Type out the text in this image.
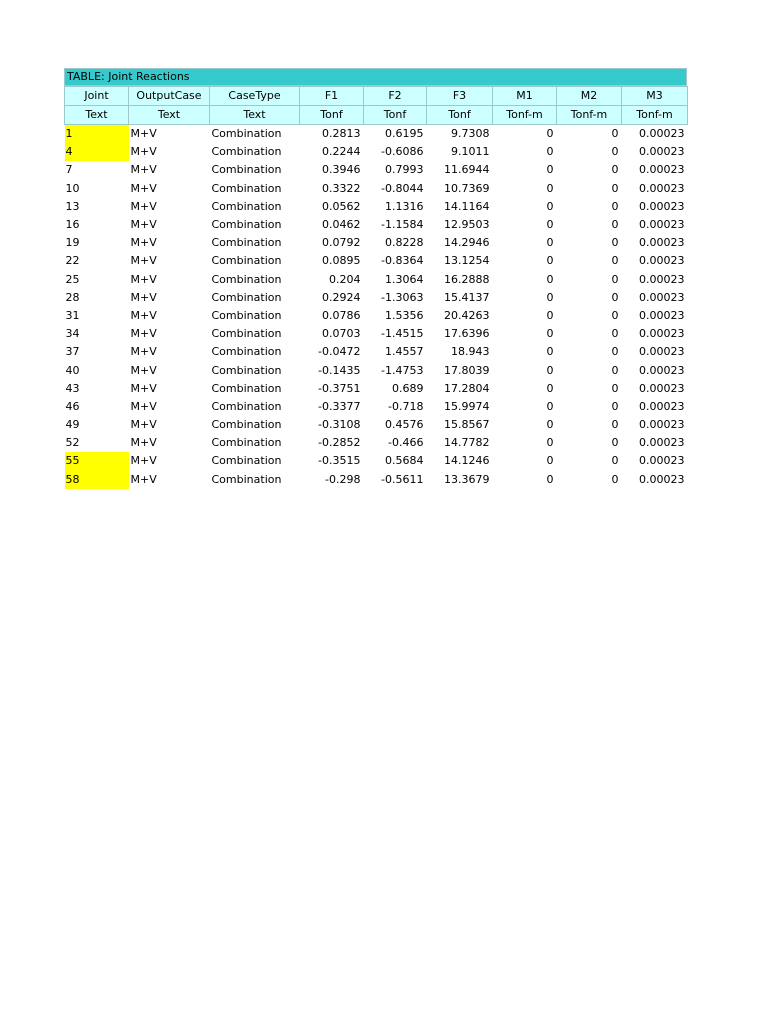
TABLE: Joint Reactions
Joint	OutputCase	CaseType	F1	F2	F3	M1	M2	M3
Text	Text	Text	Tonf	Tonf	Tonf	Tonf-m	Tonf-m	Tonf-m
1	M+V	Combination	0.2813	0.6195	9.7308	0	0	0.00023
4	M+V	Combination	0.2244	-0.6086	9.1011	0	0	0.00023
7	M+V	Combination	0.3946	0.7993	11.6944	0	0	0.00023
10	M+V	Combination	0.3322	-0.8044	10.7369	0	0	0.00023
13	M+V	Combination	0.0562	1.1316	14.1164	0	0	0.00023
16	M+V	Combination	0.0462	-1.1584	12.9503	0	0	0.00023
19	M+V	Combination	0.0792	0.8228	14.2946	0	0	0.00023
22	M+V	Combination	0.0895	-0.8364	13.1254	0	0	0.00023
25	M+V	Combination	0.204	1.3064	16.2888	0	0	0.00023
28	M+V	Combination	0.2924	-1.3063	15.4137	0	0	0.00023
31	M+V	Combination	0.0786	1.5356	20.4263	0	0	0.00023
34	M+V	Combination	0.0703	-1.4515	17.6396	0	0	0.00023
37	M+V	Combination	-0.0472	1.4557	18.943	0	0	0.00023
40	M+V	Combination	-0.1435	-1.4753	17.8039	0	0	0.00023
43	M+V	Combination	-0.3751	0.689	17.2804	0	0	0.00023
46	M+V	Combination	-0.3377	-0.718	15.9974	0	0	0.00023
49	M+V	Combination	-0.3108	0.4576	15.8567	0	0	0.00023
52	M+V	Combination	-0.2852	-0.466	14.7782	0	0	0.00023
55	M+V	Combination	-0.3515	0.5684	14.1246	0	0	0.00023
58	M+V	Combination	-0.298	-0.5611	13.3679	0	0	0.00023
